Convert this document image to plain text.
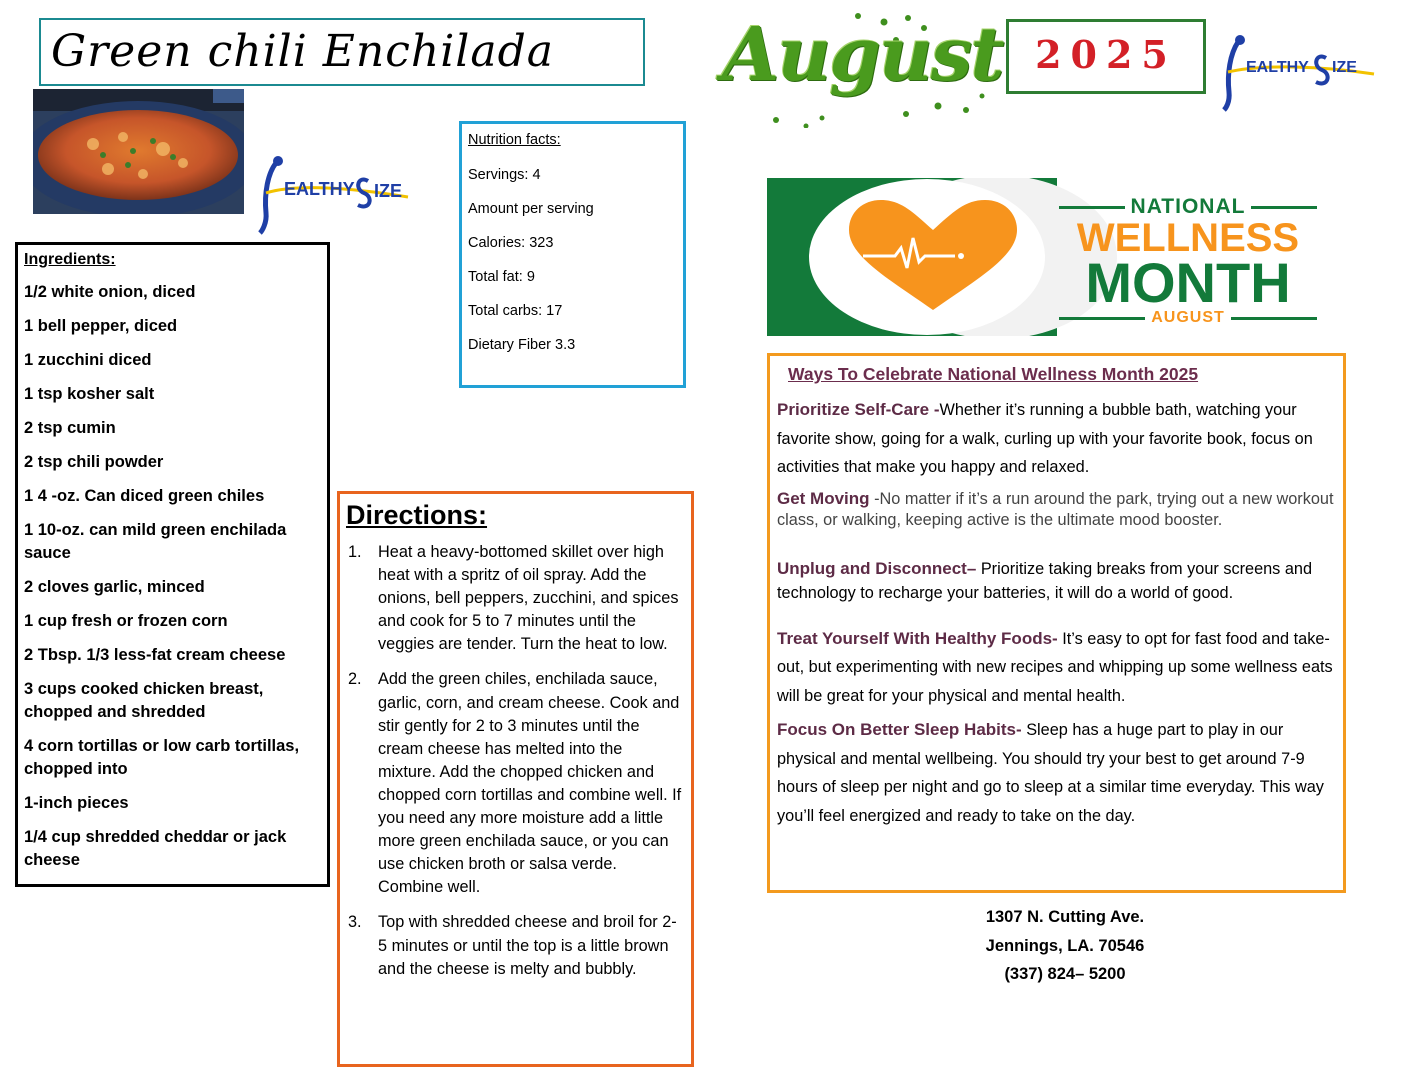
Green chili Enchilada
EALTHY IZE
Ingredients:
1/2 white onion, diced
1 bell pepper, diced
1 zucchini diced
1 tsp kosher salt
2 tsp cumin
2 tsp chili powder
1 4 -oz. Can diced green chiles
1 10-oz. can mild green enchilada sauce
2 cloves garlic, minced
1 cup fresh or frozen corn
2 Tbsp. 1/3 less-fat cream cheese
3 cups cooked chicken breast, chopped and shredded
4 corn tortillas or low carb tortillas, chopped into
1-inch pieces
1/4 cup shredded cheddar or jack cheese
Nutrition facts:
Servings: 4
Amount per serving
Calories: 323
Total fat: 9
Total carbs: 17
Dietary Fiber 3.3
Directions:
1. Heat a heavy-bottomed skillet over high heat with a spritz of oil spray. Add the onions, bell peppers, zucchini, and spices and cook for 5 to 7 minutes until the veggies are tender. Turn the heat to low.
2. Add the green chiles, enchilada sauce, garlic, corn, and cream cheese. Cook and stir gently for 2 to 3 minutes until the cream cheese has melted into the mixture. Add the chopped chicken and chopped corn tortillas and combine well. If you need any more moisture add a little more green enchilada sauce, or you can use chicken broth or salsa verde. Combine well.
3. Top with shredded cheese and broil for 2-5 minutes or until the top is a little brown and the cheese is melty and bubbly.
August 2025	EALTHY IZE
NATIONAL
WELLNESS
MONTH
AUGUST
Ways To Celebrate National Wellness Month 2025
Prioritize Self-Care -Whether it’s running a bubble bath, watching your favorite show, going for a walk, curling up with your favorite book, focus on activities that make you happy and relaxed.
Get Moving -No matter if it’s a run around the park, trying out a new workout class, or walking, keeping active is the ultimate mood booster.
Unplug and Disconnect– Prioritize taking breaks from your screens and technology to recharge your batteries, it will do a world of good.
Treat Yourself With Healthy Foods- It’s easy to opt for fast food and take-out, but experimenting with new recipes and whipping up some wellness eats will be great for your physical and mental health.
Focus On Better Sleep Habits- Sleep has a huge part to play in our physical and mental wellbeing. You should try your best to get around 7-9 hours of sleep per night and go to sleep at a similar time everyday. This way you’ll feel energized and ready to take on the day.
1307 N. Cutting Ave.
Jennings, LA. 70546
(337) 824– 5200
